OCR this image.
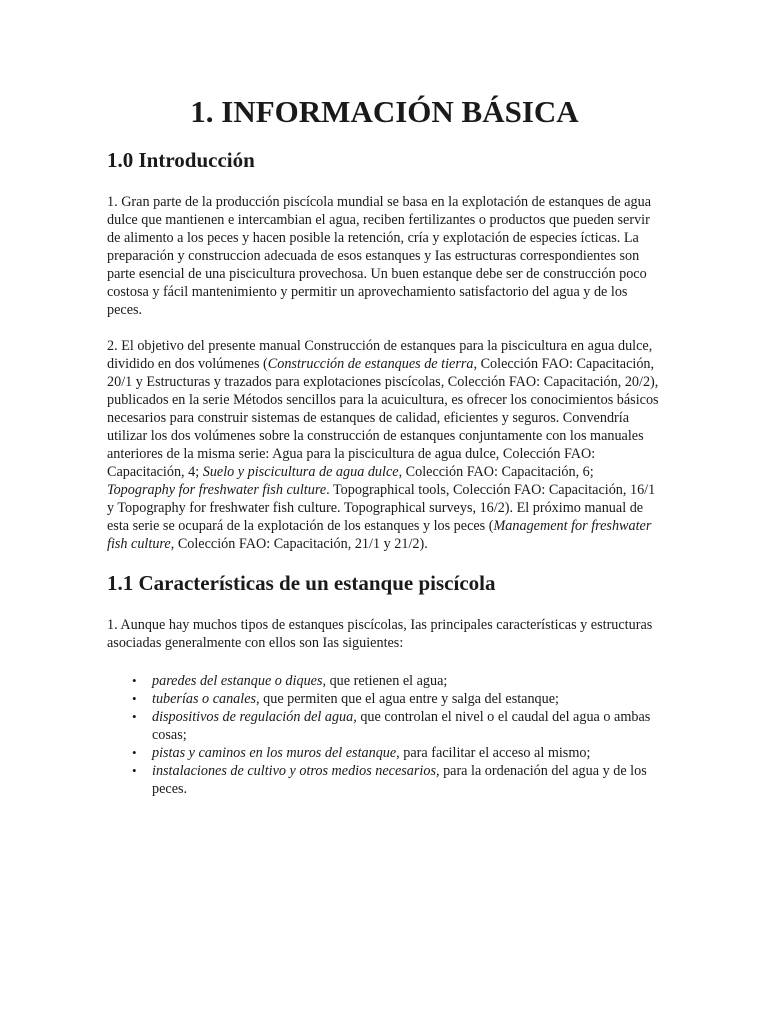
1. INFORMACIÓN BÁSICA
1.0 Introducción

1. Gran parte de la producción piscícola mundial se basa en la explotación de estanques de agua dulce que mantienen e intercambian el agua, reciben fertilizantes o productos que pueden servir de alimento a los peces y hacen posible la retención, cría y explotación de especies ícticas. La preparación y construccion adecuada de esos estanques y Ias estructuras correspondientes son parte esencial de una piscicultura provechosa. Un buen estanque debe ser de construcción poco costosa y fácil mantenimiento y permitir un aprovechamiento satisfactorio del agua y de los peces.

2. El objetivo del presente manual Construcción de estanques para la piscicultura en agua dulce, dividido en dos volúmenes (Construcción de estanques de tierra, Colección FAO: Capacitación, 20/1 y Estructuras y trazados para explotaciones piscícolas, Colección FAO: Capacitación, 20/2), publicados en la serie Métodos sencillos para la acuicultura, es ofrecer los conocimientos básicos necesarios para construir sistemas de estanques de calidad, eficientes y seguros. Convendría utilizar los dos volúmenes sobre la construcción de estanques conjuntamente con los manuales anteriores de la misma serie: Agua para la piscicultura de agua dulce, Colección FAO: Capacitación, 4; Suelo y piscicultura de agua dulce, Colección FAO: Capacitación, 6; Topography for freshwater fish culture. Topographical tools, Colección FAO: Capacitación, 16/1 y Topography for freshwater fish culture. Topographical surveys, 16/2). El próximo manual de esta serie se ocupará de la explotación de los estanques y los peces (Management for freshwater fish culture, Colección FAO: Capacitación, 21/1 y 21/2).

1.1 Características de un estanque piscícola

1. Aunque hay muchos tipos de estanques piscícolas, Ias principales características y estructuras asociadas generalmente con ellos son Ias siguientes:

• paredes del estanque o diques, que retienen el agua;
• tuberías o canales, que permiten que el agua entre y salga del estanque;
• dispositivos de regulación del agua, que controlan el nivel o el caudal del agua o ambas cosas;
• pistas y caminos en los muros del estanque, para facilitar el acceso al mismo;
• instalaciones de cultivo y otros medios necesarios, para la ordenación del agua y de los peces.
